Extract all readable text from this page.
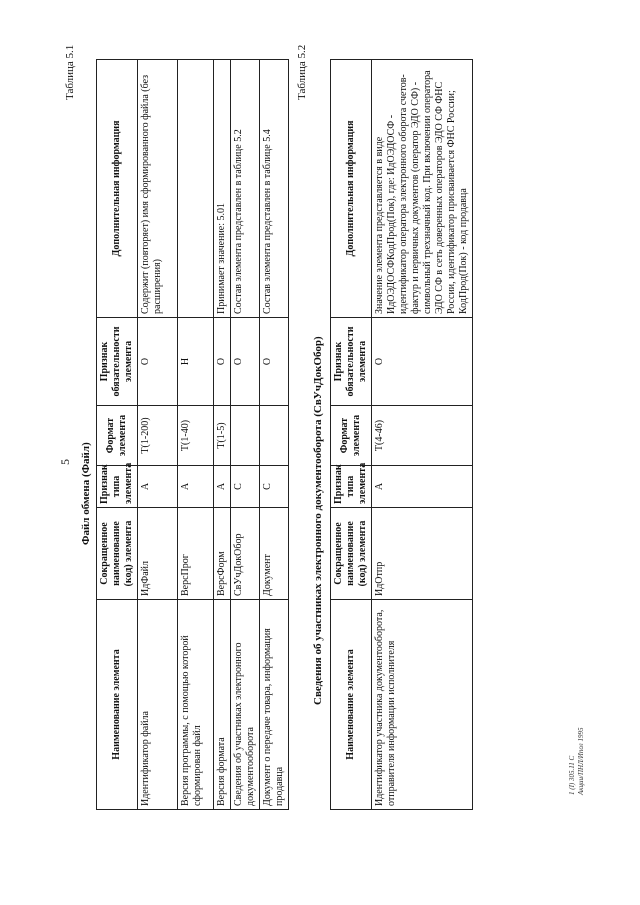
5
Таблица 5.1
Файл обмена (Файл)
Наименование элемента	Сокращенное наименование (код) элемента	Признак типа элемента	Формат элемента	Признак обязательности элемента	Дополнительная информация
Идентификатор файла	ИдФайл	А	T(1-200)	О	Содержит (повторяет) имя сформированного файла (без расширения)
Версия программы, с помощью которой сформирован файл	ВерсПрог	А	T(1-40)	Н	
Версия формата	ВерсФорм	А	T(1-5)	О	Принимает значение: 5.01
Сведения об участниках электронного документооборота	СвУчДокОбор	С		О	Состав элемента представлен в таблице 5.2
Документ о передаче товара, информация продавца	Документ	С		О	Состав элемента представлен в таблице 5.4
Таблица 5.2
Сведения об участниках электронного документооборота (СвУчДокОбор) Наименование элемента	Сокращенное наименование (код) элемента	Признак типа элемента	Формат элемента	Признак обязательности элемента	Дополнительная информация
Идентификатор участника документооборота, отправителя информации исполнителя	ИдОтпр	А	T(4-46)	О	Значение элемента представляется в виде ИдОЭДОСФКодПрод(Пок), где: ИдОЭДОСФ - идентификатор оператора электронного оборота счетов-фактур и первичных документов (оператор ЭДО СФ) - символьный трехзначный код. При включении оператора ЭДО СФ в сеть доверенных операторов ЭДО СФ ФНС России, идентификатор присваивается ФНС России; КодПрод(Пок) - код продавца
1 (I) 305.11 С Акции/ПНЛ/Ипол 1995
